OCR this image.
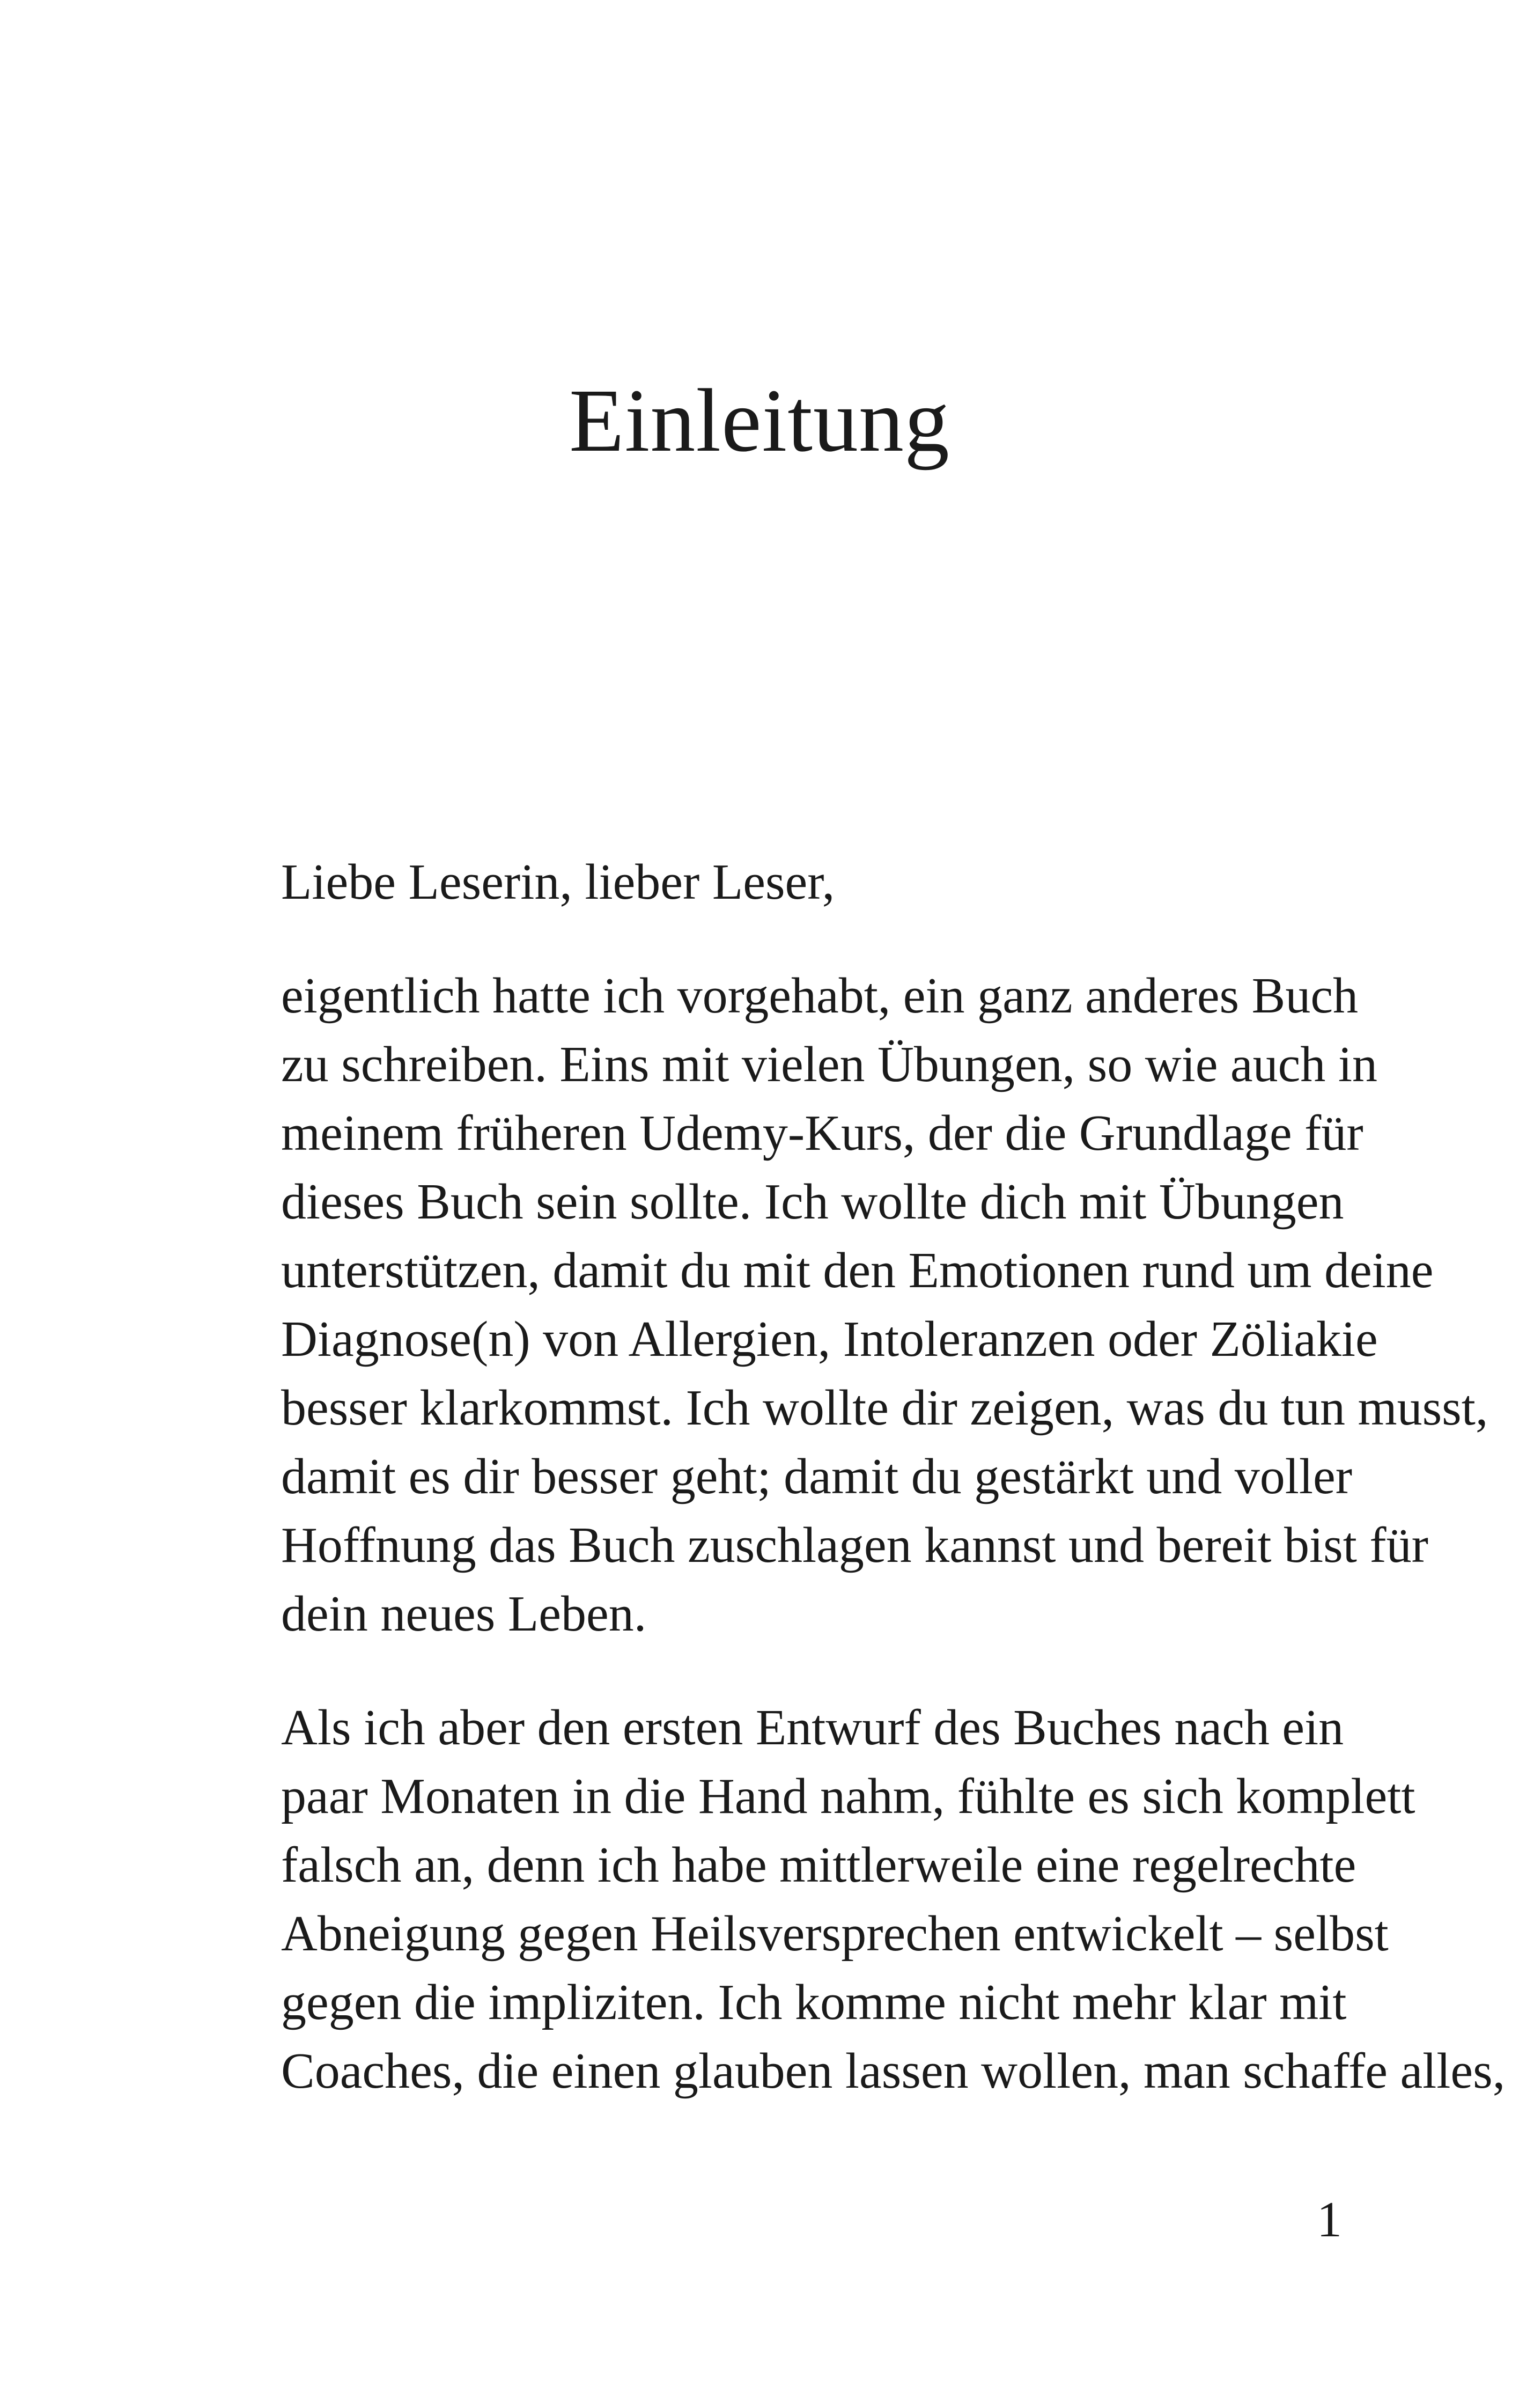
Einleitung

Liebe Leserin, lieber Leser,

eigentlich hatte ich vorgehabt, ein ganz anderes Buch
zu schreiben. Eins mit vielen Übungen, so wie auch in
meinem früheren Udemy-Kurs, der die Grundlage für
dieses Buch sein sollte. Ich wollte dich mit Übungen
unterstützen, damit du mit den Emotionen rund um deine
Diagnose(n) von Allergien, Intoleranzen oder Zöliakie
besser klarkommst. Ich wollte dir zeigen, was du tun musst,
damit es dir besser geht; damit du gestärkt und voller
Hoffnung das Buch zuschlagen kannst und bereit bist für
dein neues Leben.

Als ich aber den ersten Entwurf des Buches nach ein
paar Monaten in die Hand nahm, fühlte es sich komplett
falsch an, denn ich habe mittlerweile eine regelrechte
Abneigung gegen Heilsversprechen entwickelt – selbst
gegen die impliziten. Ich komme nicht mehr klar mit
Coaches, die einen glauben lassen wollen, man schaffe alles,

1
